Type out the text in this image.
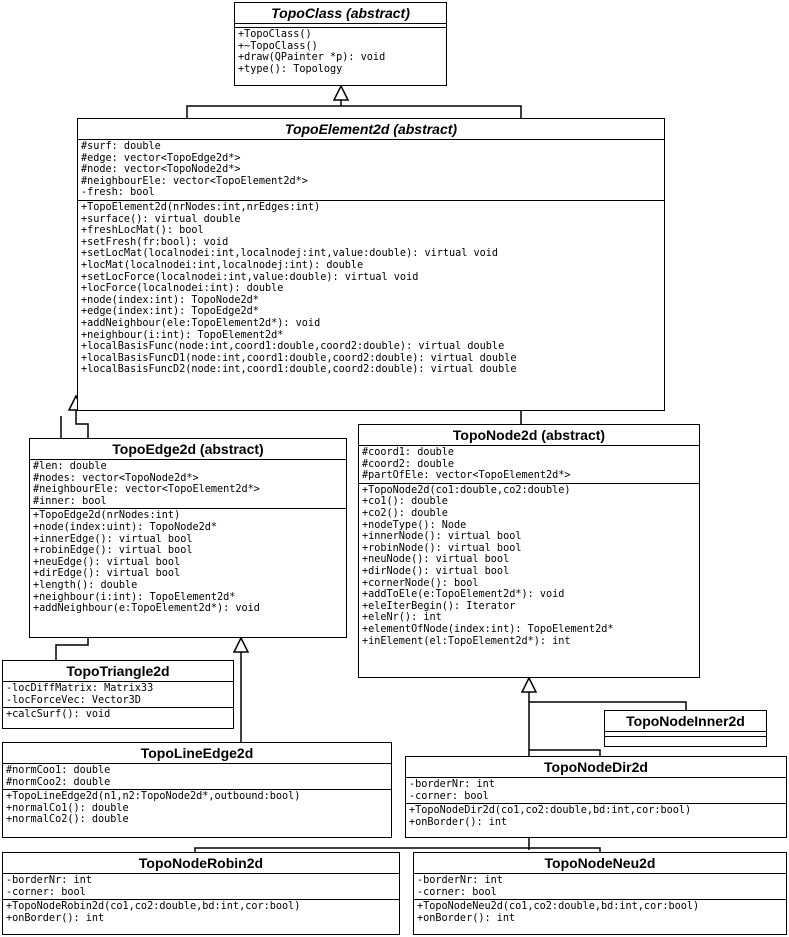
TopoClass (abstract)
+TopoClass()
+~TopoClass()
+draw(QPainter *p): void
+type(): Topology
TopoElement2d (abstract)
#surf: double
#edge: vector<TopoEdge2d*>
#node: vector<TopoNode2d*>
#neighbourEle: vector<TopoElement2d*>
-fresh: bool
+TopoElement2d(nrNodes:int,nrEdges:int)
+surface(): virtual double
+freshLocMat(): bool
+setFresh(fr:bool): void
+setLocMat(localnodei:int,localnodej:int,value:double): virtual void
+locMat(localnodei:int,localnodej:int): double
+setLocForce(localnodei:int,value:double): virtual void
+locForce(localnodei:int): double
+node(index:int): TopoNode2d*
+edge(index:int): TopoEdge2d*
+addNeighbour(ele:TopoElement2d*): void
+neighbour(i:int): TopoElement2d*
+localBasisFunc(node:int,coord1:double,coord2:double): virtual double
+localBasisFuncD1(node:int,coord1:double,coord2:double): virtual double
+localBasisFuncD2(node:int,coord1:double,coord2:double): virtual double
TopoEdge2d (abstract)
#len: double
#nodes: vector<TopoNode2d*>
#neighbourEle: vector<TopoElement2d*>
#inner: bool
+TopoEdge2d(nrNodes:int)
+node(index:uint): TopoNode2d*
+innerEdge(): virtual bool
+robinEdge(): virtual bool
+neuEdge(): virtual bool
+dirEdge(): virtual bool
+length(): double
+neighbour(i:int): TopoElement2d*
+addNeighbour(e:TopoElement2d*): void
TopoNode2d (abstract)
#coord1: double
#coord2: double
#partOfEle: vector<TopoElement2d*>
+TopoNode2d(co1:double,co2:double)
+co1(): double
+co2(): double
+nodeType(): Node
+innerNode(): virtual bool
+robinNode(): virtual bool
+neuNode(): virtual bool
+dirNode(): virtual bool
+cornerNode(): bool
+addToEle(e:TopoElement2d*): void
+eleIterBegin(): Iterator
+eleNr(): int
+elementOfNode(index:int): TopoElement2d*
+inElement(el:TopoElement2d*): int
TopoTriangle2d
-locDiffMatrix: Matrix33
-locForceVec: Vector3D
+calcSurf(): void
TopoLineEdge2d
#normCoo1: double
#normCoo2: double
+TopoLineEdge2d(n1,n2:TopoNode2d*,outbound:bool)
+normalCo1(): double
+normalCo2(): double
TopoNodeInner2d
TopoNodeDir2d
-borderNr: int
-corner: bool
+TopoNodeDir2d(co1,co2:double,bd:int,cor:bool)
+onBorder(): int
TopoNodeRobin2d
-borderNr: int
-corner: bool
+TopoNodeRobin2d(co1,co2:double,bd:int,cor:bool)
+onBorder(): int
TopoNodeNeu2d
-borderNr: int
-corner: bool
+TopoNodeNeu2d(co1,co2:double,bd:int,cor:bool)
+onBorder(): int
